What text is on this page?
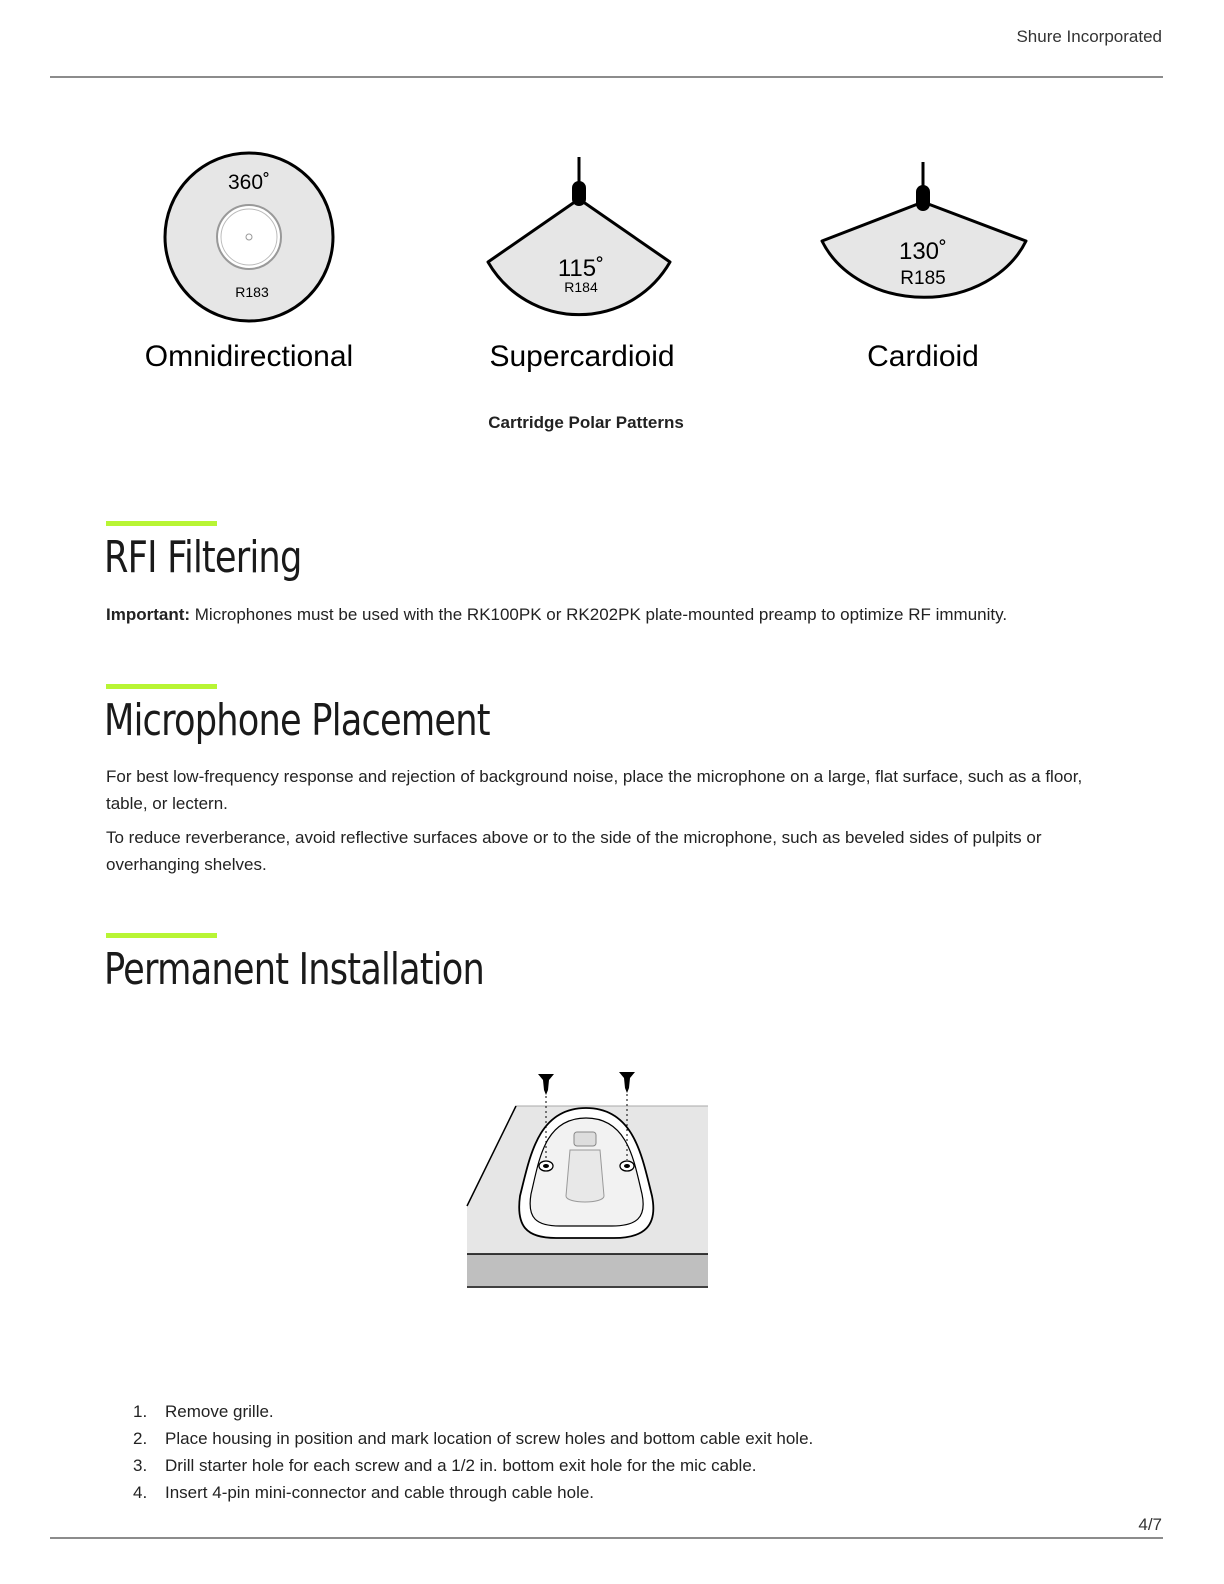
Shure Incorporated
360˚
R183
115˚
R184
130˚
R185
Omnidirectional	Supercardioid	Cardioid
Cartridge Polar Patterns
RFI Filtering

Important: Microphones must be used with the RK100PK or RK202PK plate-mounted preamp to optimize RF immunity.

Microphone Placement

For best low-frequency response and rejection of background noise, place the microphone on a large, flat surface, such as a floor, table, or lectern.

To reduce reverberance, avoid reflective surfaces above or to the side of the microphone, such as beveled sides of pulpits or overhanging shelves.

Permanent Installation
1.	Remove grille.
2.	Place housing in position and mark location of screw holes and bottom cable exit hole.
3.	Drill starter hole for each screw and a 1/2 in. bottom exit hole for the mic cable.
4.	Insert 4-pin mini-connector and cable through cable hole.
4/7
